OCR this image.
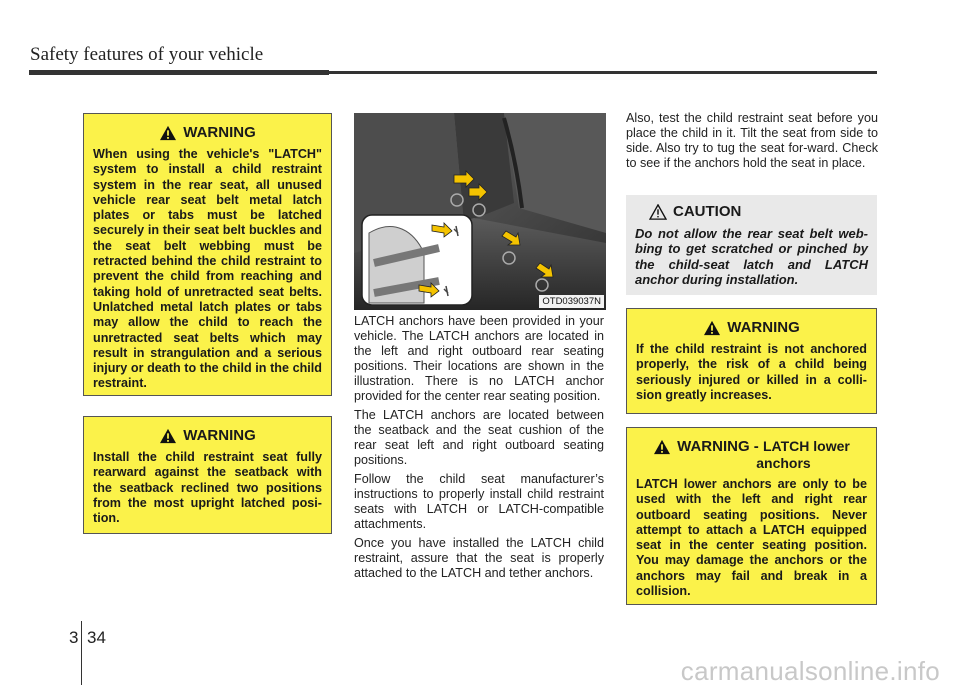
Safety features of your vehicle
WARNING
When using the vehicle's "LATCH" system to install a child restraint system in the rear seat, all unused vehicle rear seat belt metal latch plates or tabs must be latched securely in their seat belt buckles and the seat belt webbing must be retracted behind the child restraint to prevent the child from reaching and taking hold of unretracted seat belts. Unlatched metal latch plates or tabs may allow the child to reach the unretracted seat belts which may result in strangulation and a serious injury or death to the child in the child restraint.
WARNING
Install the child restraint seat fully rearward against the seatback with the seatback reclined two positions from the most upright latched posi-tion.
OTD039037N

LATCH anchors have been provided in your vehicle. The LATCH anchors are located in the left and right outboard rear seating positions. Their locations are shown in the illustration. There is no LATCH anchor provided for the center rear seating position.

The LATCH anchors are located between the seatback and the seat cushion of the rear seat left and right outboard seating positions.

Follow the child seat manufacturer’s instructions to properly install child restraint seats with LATCH or LATCH-compatible attachments.

Once you have installed the LATCH child restraint, assure that the seat is properly attached to the LATCH and tether anchors.

Also, test the child restraint seat before you place the child in it. Tilt the seat from side to side. Also try to tug the seat for-ward. Check to see if the anchors hold the seat in place.

CAUTION
Do not allow the rear seat belt web-bing to get scratched or pinched by the child-seat latch and LATCH anchor during installation.
WARNING
If the child restraint is not anchored properly, the risk of a child being seriously injured or killed in a colli-sion greatly increases.
WARNING - LATCH lower
anchors
LATCH lower anchors are only to be used with the left and right rear outboard seating positions. Never attempt to attach a LATCH equipped seat in the center seating position. You may damage the anchors or the anchors may fail and break in a collision.
3 34
carmanualsonline.info
